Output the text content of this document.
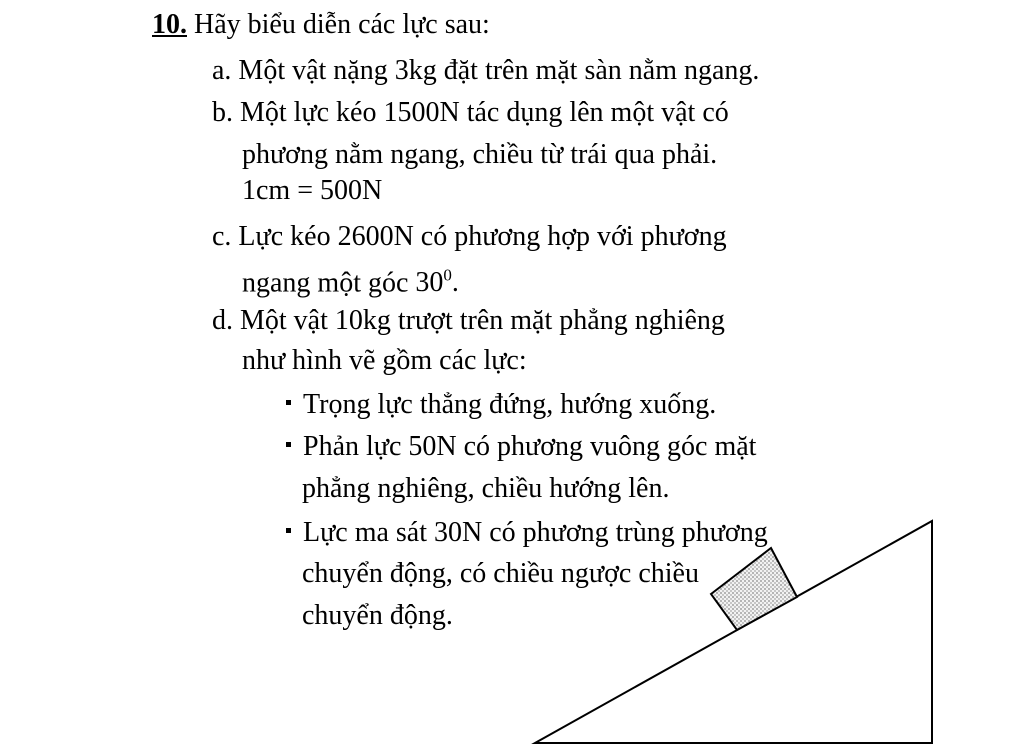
10. Hãy biểu diễn các lực sau:
a. Một vật nặng 3kg đặt trên mặt sàn nằm ngang.
b. Một lực kéo 1500N tác dụng lên một vật có
phương nằm ngang, chiều từ trái qua phải.
1cm = 500N
c. Lực kéo 2600N có phương hợp với phương
ngang một góc $30^0$.
d. Một vật 10kg trượt trên mặt phẳng nghiêng
như hình vẽ gồm các lực:
Trọng lực thẳng đứng, hướng xuống.
Phản lực 50N có phương vuông góc mặt
phẳng nghiêng, chiều hướng lên.
Lực ma sát 30N có phương trùng phương
chuyển động, có chiều ngược chiều
chuyển động.
